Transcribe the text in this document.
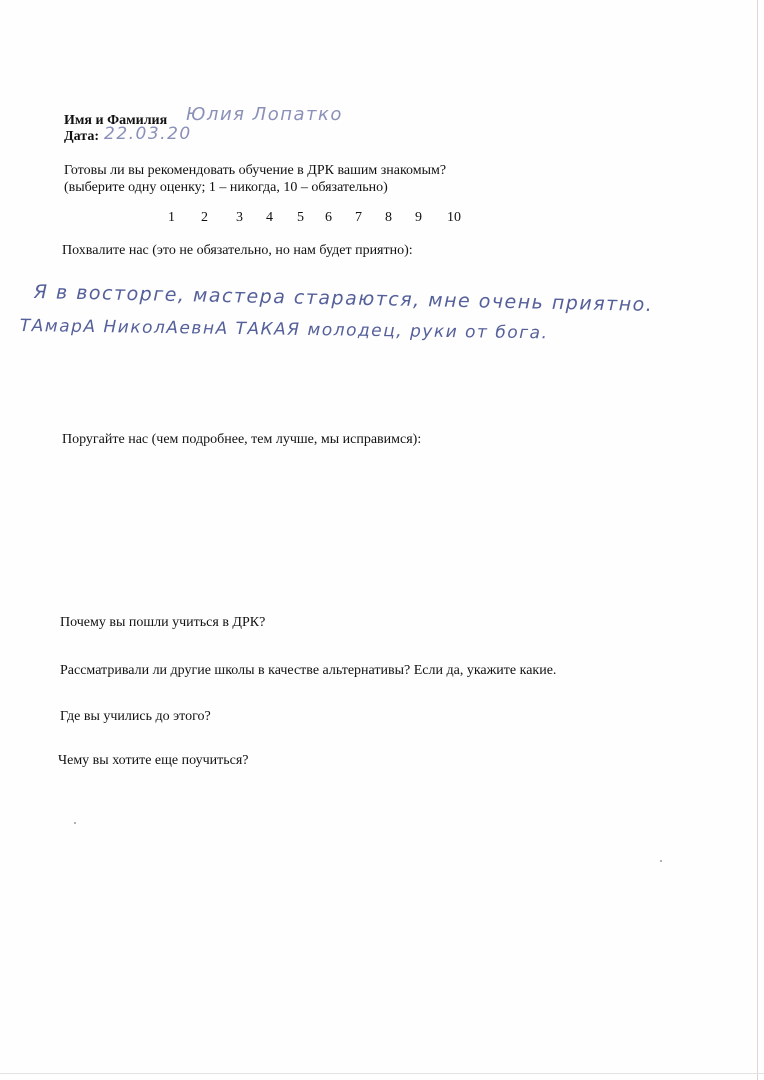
Имя и Фамилия Юлия Лопатко
Дата: 22.03.20
Готовы ли вы рекомендовать обучение в ДРК вашим знакомым?
(выберите одну оценку; 1 – никогда, 10 – обязательно)
1 2 3 4 5 6 7 8 9 10
Похвалите нас (это не обязательно, но нам будет приятно):
Я в восторге, мастера стараются, мне очень приятно.
ТАмарА НиколАевнА ТАКАЯ молодец, руки от бога.
Поругайте нас (чем подробнее, тем лучше, мы исправимся):
Почему вы пошли учиться в ДРК?
Рассматривали ли другие школы в качестве альтернативы? Если да, укажите какие.
Где вы учились до этого?
Чему вы хотите еще поучиться?
